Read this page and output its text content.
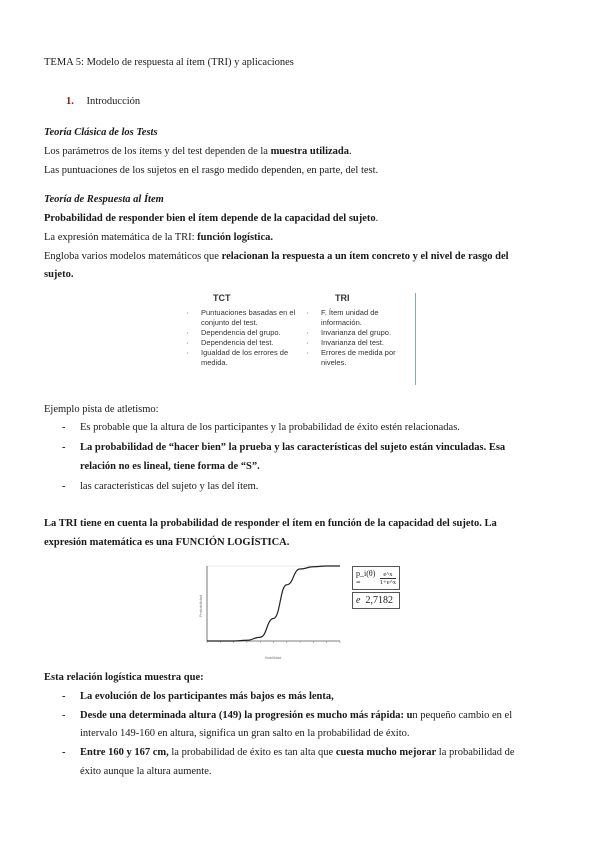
TEMA 5: Modelo de respuesta al ítem (TRI) y aplicaciones
1. Introducción
Teoría Clásica de los Tests
Los parámetros de los ítems y del test dependen de la muestra utilizada.
Las puntuaciones de los sujetos en el rasgo medido dependen, en parte, del test.
Teoría de Respuesta al Ítem
Probabilidad de responder bien el ítem depende de la capacidad del sujeto.
La expresión matemática de la TRI: función logística.
Engloba varios modelos matemáticos que relacionan la respuesta a un ítem concreto y el nivel de rasgo del
sujeto.
TCT
· Puntuaciones basadas en el conjunto del test.
· Dependencia del grupo.
· Dependencia del test.
· Igualdad de los errores de medida.
TRI
· F. Ítem unidad de información.
· Invarianza del grupo.
· Invarianza del test.
· Errores de medida por niveles.
Ejemplo pista de atletismo:
- Es probable que la altura de los participantes y la probabilidad de éxito estén relacionadas.
- La probabilidad de “hacer bien” la prueba y las características del sujeto están vinculadas. Esa
relación no es lineal, tiene forma de “S”.
- las características del sujeto y las del ítem.
La TRI tiene en cuenta la probabilidad de responder el ítem en función de la capacidad del sujeto. La
expresión matemática es una FUNCIÓN LOGÍSTICA.
Habilidad
Probabilidad
p_i(θ) =	$\frac{e\^{}x}{1+e\^{}x}$
e 2,7182
Esta relación logística muestra que:
- La evolución de los participantes más bajos es más lenta,
- Desde una determinada altura (149) la progresión es mucho más rápida: un pequeño cambio en el
intervalo 149-160 en altura, significa un gran salto en la probabilidad de éxito.
- Entre 160 y 167 cm, la probabilidad de éxito es tan alta que cuesta mucho mejorar la probabilidad de
éxito aunque la altura aumente.
